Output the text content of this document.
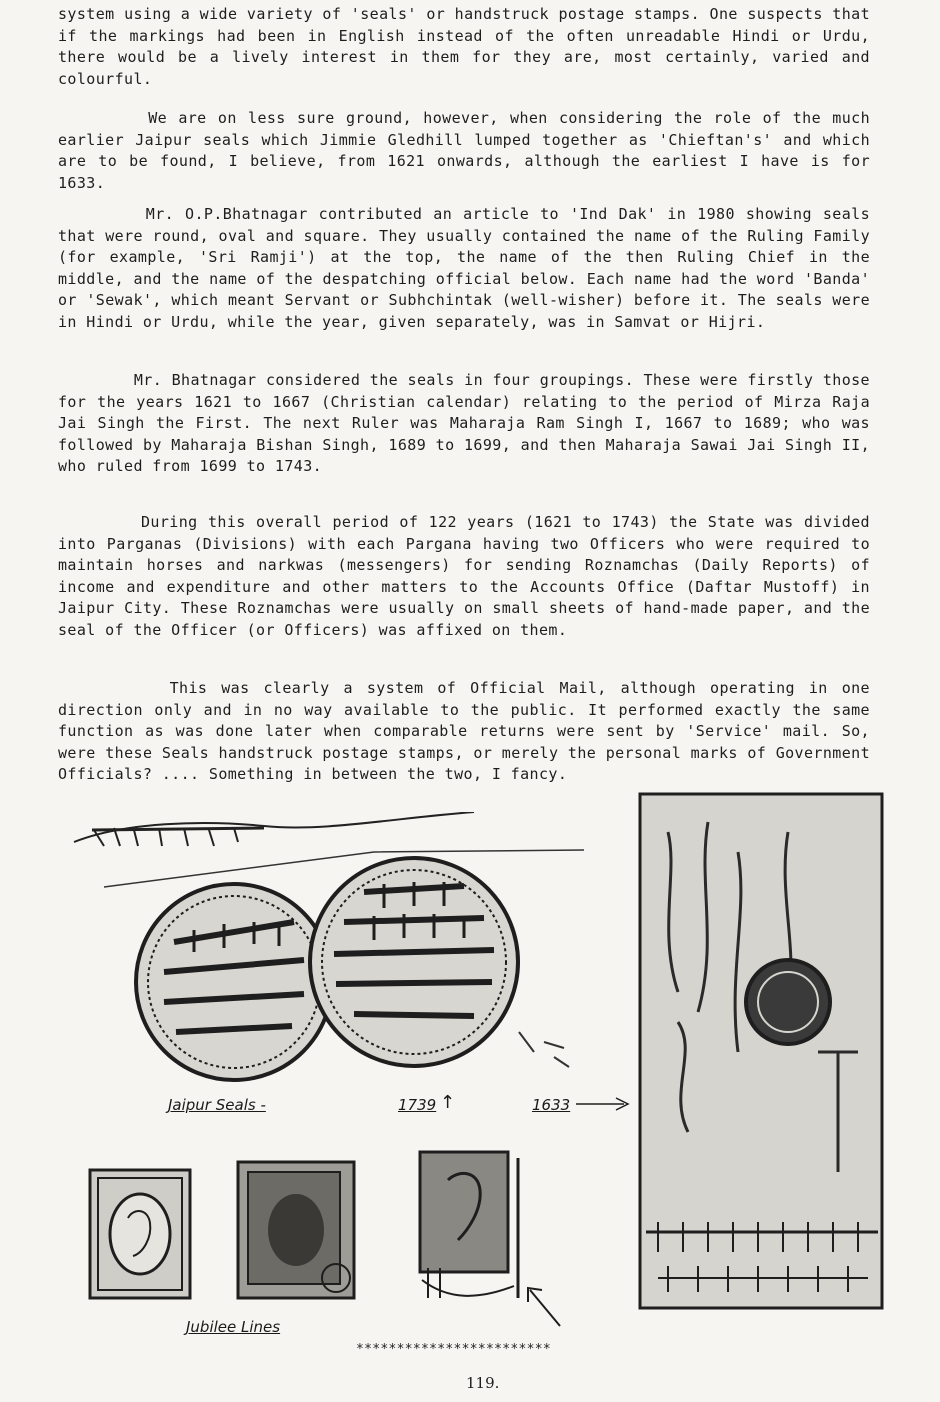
system using a wide variety of 'seals' or handstruck postage stamps. One suspects that if the markings had been in English instead of the often unreadable Hindi or Urdu, there would be a lively interest in them for they are, most certainly, varied and colourful.
We are on less sure ground, however, when considering the role of the much earlier Jaipur seals which Jimmie Gledhill lumped together as 'Chieftan's' and which are to be found, I believe, from 1621 onwards, although the earliest I have is for 1633.
Mr. O.P.Bhatnagar contributed an article to 'Ind Dak' in 1980 showing seals that were round, oval and square. They usually contained the name of the Ruling Family (for example, 'Sri Ramji') at the top, the name of the then Ruling Chief in the middle, and the name of the despatching official below. Each name had the word 'Banda' or 'Sewak', which meant Servant or Subhchintak (well-wisher) before it. The seals were in Hindi or Urdu, while the year, given separately, was in Samvat or Hijri.
Mr. Bhatnagar considered the seals in four groupings. These were firstly those for the years 1621 to 1667 (Christian calendar) relating to the period of Mirza Raja Jai Singh the First. The next Ruler was Maharaja Ram Singh I, 1667 to 1689; who was followed by Maharaja Bishan Singh, 1689 to 1699, and then Maharaja Sawai Jai Singh II, who ruled from 1699 to 1743.
During this overall period of 122 years (1621 to 1743) the State was divided into Parganas (Divisions) with each Pargana having two Officers who were required to maintain horses and narkwas (messengers) for sending Roznamchas (Daily Reports) of income and expenditure and other matters to the Accounts Office (Daftar Mustoff) in Jaipur City. These Roznamchas were usually on small sheets of hand-made paper, and the seal of the Officer (or Officers) was affixed on them.
This was clearly a system of Official Mail, although operating in one direction only and in no way available to the public. It performed exactly the same function as was done later when comparable returns were sent by 'Service' mail. So, were these Seals handstruck postage stamps, or merely the personal marks of Government Officials? .... Something in between the two, I fancy.
Jaipur Seals -	1739 ↑	1633
Jubilee Lines
************************
119.
